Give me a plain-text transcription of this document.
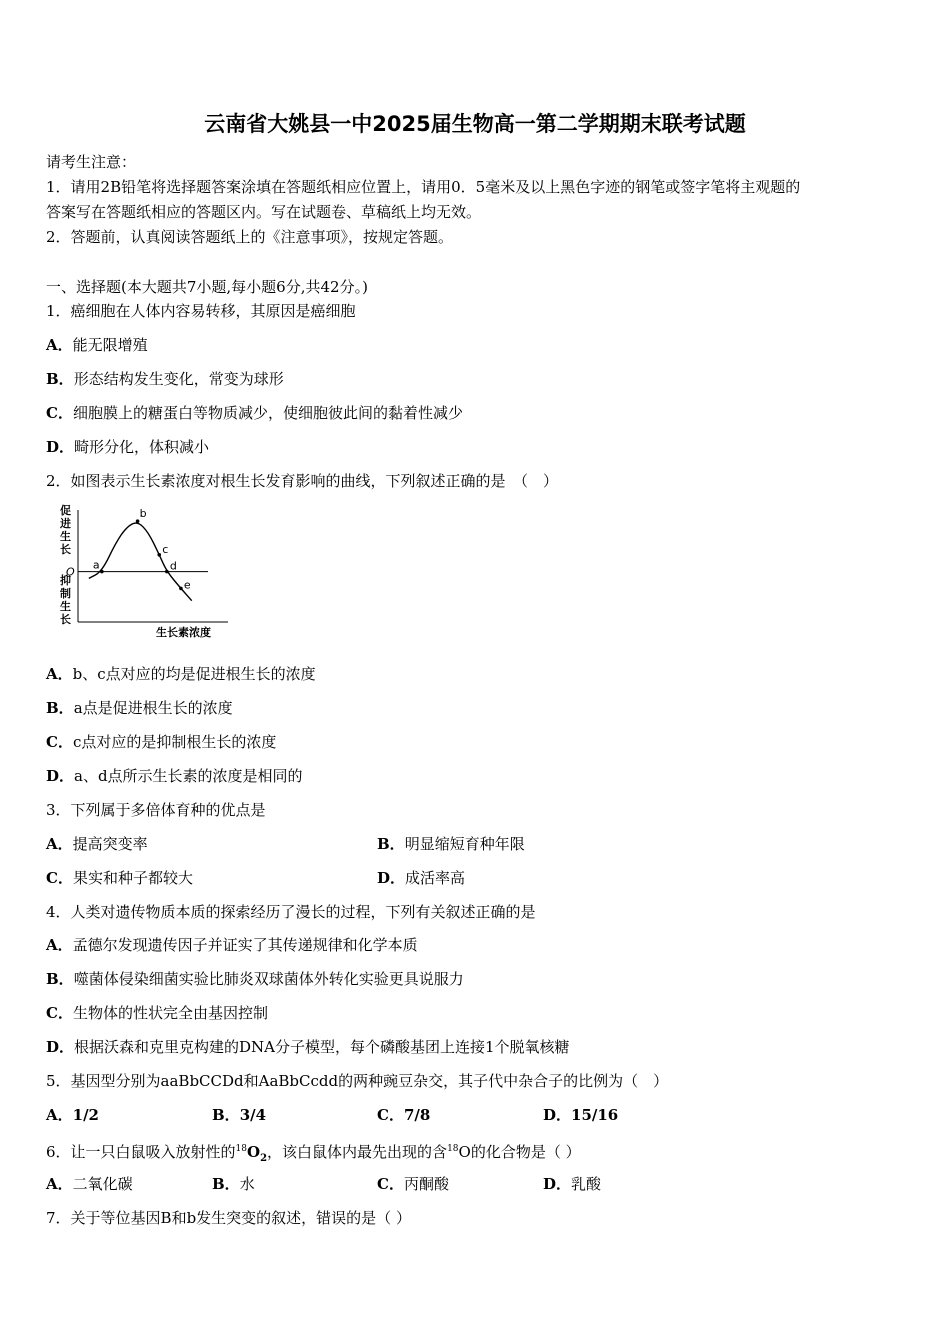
云南省大姚县一中2025届生物高一第二学期期末联考试题
请考生注意：
1．请用2B铅笔将选择题答案涂填在答题纸相应位置上，请用0．5毫米及以上黑色字迹的钢笔或签字笔将主观题的
答案写在答题纸相应的答题区内。写在试题卷、草稿纸上均无效。
2．答题前，认真阅读答题纸上的《注意事项》，按规定答题。
一、选择题(本大题共7小题,每小题6分,共42分。)
1．癌细胞在人体内容易转移，其原因是癌细胞
A．能无限增殖
B．形态结构发生变化，常变为球形
C．细胞膜上的糖蛋白等物质减少，使细胞彼此间的黏着性减少
D．畸形分化，体积减小
2．如图表示生长素浓度对根生长发育影响的曲线，下列叙述正确的是　（　）
促进生长
抑制生长
a
b
c
d
e
生长素浓度
O
A．b、c点对应的均是促进根生长的浓度
B．a点是促进根生长的浓度
C．c点对应的是抑制根生长的浓度
D．a、d点所示生长素的浓度是相同的
3．下列属于多倍体育种的优点是
A．提高突变率	B．明显缩短育种年限
C．果实和种子都较大	D．成活率高
4．人类对遗传物质本质的探索经历了漫长的过程，下列有关叙述正确的是
A．孟德尔发现遗传因子并证实了其传递规律和化学本质
B．噬菌体侵染细菌实验比肺炎双球菌体外转化实验更具说服力
C．生物体的性状完全由基因控制
D．根据沃森和克里克构建的DNA分子模型，每个磷酸基团上连接1个脱氧核糖
5．基因型分别为aaBbCCDd和AaBbCcdd的两种豌豆杂交，其子代中杂合子的比例为（　）
A．1/2	B．3/4	C．7/8	D．15/16
6．让一只白鼠吸入放射性的$^{18}O_2$，该白鼠体内最先出现的含$^{18}$O的化合物是（ ）
A．二氧化碳	B．水	C．丙酮酸	D．乳酸
7．关于等位基因B和b发生突变的叙述，错误的是（ ）
